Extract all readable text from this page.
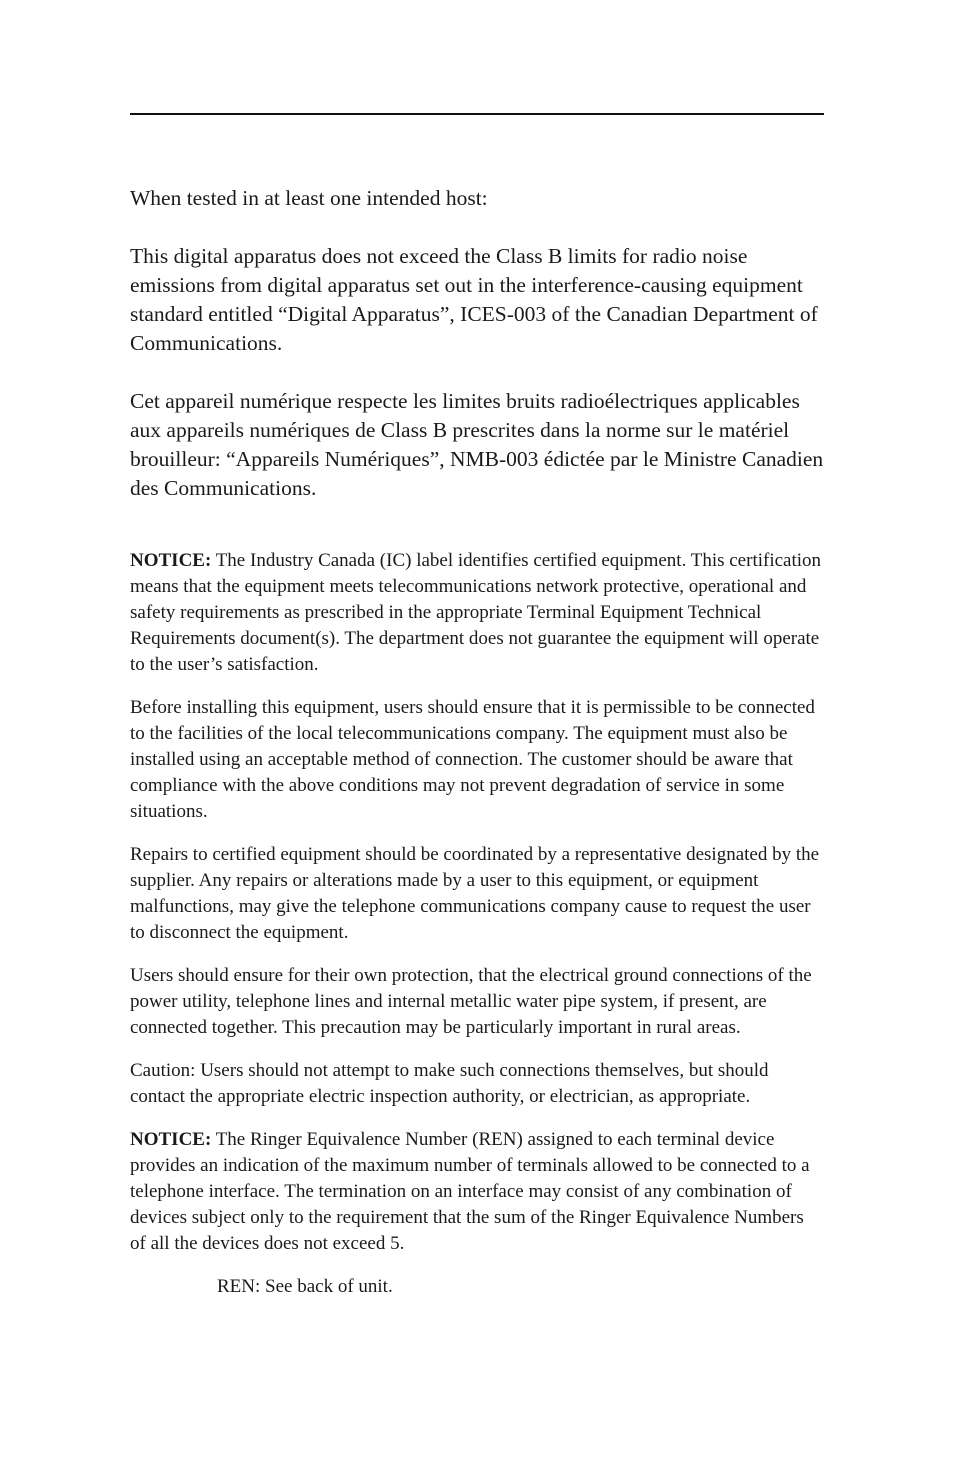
When tested in at least one intended host:

This digital apparatus does not exceed the Class B limits for radio noise emissions from digital apparatus set out in the interference-causing equipment standard entitled “Digital Apparatus”, ICES-003 of the Canadian Department of Communications.

Cet appareil numérique respecte les limites bruits radioélectriques applicables aux appareils numériques de Class B prescrites dans la norme sur le matériel brouilleur: “Appareils Numériques”, NMB-003 édictée par le Ministre Canadien des Communications.

NOTICE: The Industry Canada (IC) label identifies certified equipment. This certification means that the equipment meets telecommunications network protective, operational and safety requirements as prescribed in the appropriate Terminal Equipment Technical Requirements document(s). The department does not guarantee the equipment will operate to the user’s satisfaction.

Before installing this equipment, users should ensure that it is permissible to be connected to the facilities of the local telecommunications company. The equipment must also be installed using an acceptable method of connection. The customer should be aware that compliance with the above conditions may not prevent degradation of service in some situations.

Repairs to certified equipment should be coordinated by a representative designated by the supplier. Any repairs or alterations made by a user to this equipment, or equipment malfunctions, may give the telephone communications company cause to request the user to disconnect the equipment.

Users should ensure for their own protection, that the electrical ground connections of the power utility, telephone lines and internal metallic water pipe system, if present, are connected together. This precaution may be particularly important in rural areas.

Caution: Users should not attempt to make such connections themselves, but should contact the appropriate electric inspection authority, or electrician, as appropriate.

NOTICE: The Ringer Equivalence Number (REN) assigned to each terminal device provides an indication of the maximum number of terminals allowed to be connected to a telephone interface. The termination on an interface may consist of any combination of devices subject only to the requirement that the sum of the Ringer Equivalence Numbers of all the devices does not exceed 5.

REN: See back of unit.
